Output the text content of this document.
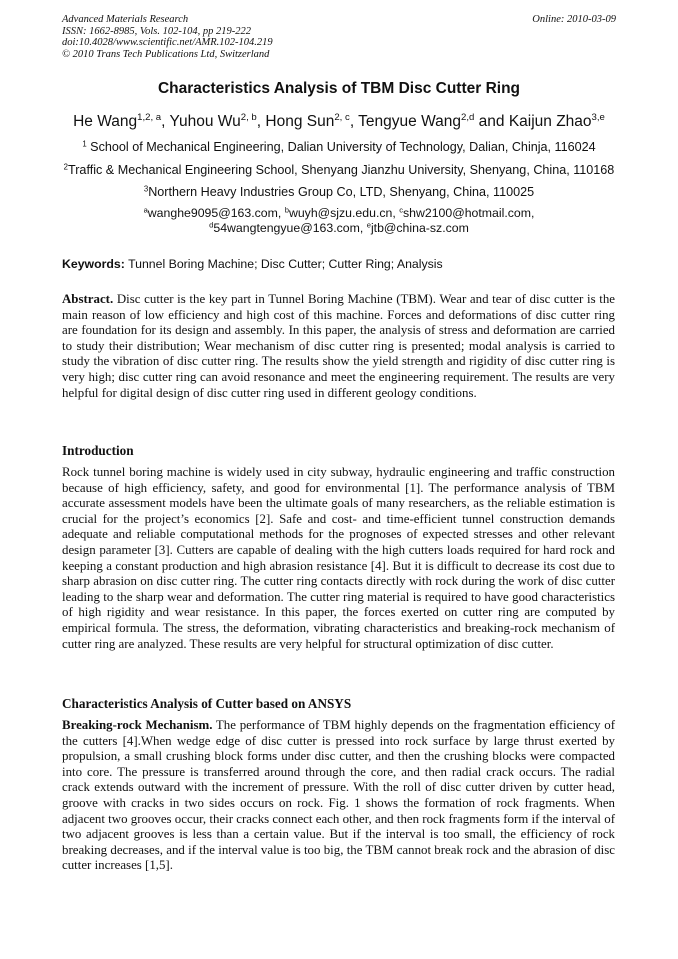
Advanced Materials Research
ISSN: 1662-8985, Vols. 102-104, pp 219-222
doi:10.4028/www.scientific.net/AMR.102-104.219
© 2010 Trans Tech Publications Ltd, Switzerland
Online: 2010-03-09
Characteristics Analysis of TBM Disc Cutter Ring
He Wang$^{1,2, a}$, Yuhou Wu$^{2, b}$, Hong Sun$^{2, c}$, Tengyue Wang$^{2,d}$ and Kaijun Zhao$^{3,e}$
$^1$ School of Mechanical Engineering, Dalian University of Technology, Dalian, Chinja, 116024
$^2$Traffic & Mechanical Engineering School, Shenyang Jianzhu University, Shenyang, China, 110168
$^3$Northern Heavy Industries Group Co, LTD, Shenyang, China, 110025
$^a$wanghe9095@163.com, $^b$wuyh@sjzu.edu.cn, $^c$shw2100@hotmail.com,
$^d$54wangtengyue@163.com, $^e$jtb@china-sz.com
Keywords: Tunnel Boring Machine; Disc Cutter; Cutter Ring; Analysis
Abstract. Disc cutter is the key part in Tunnel Boring Machine (TBM). Wear and tear of disc cutter is the main reason of low efficiency and high cost of this machine. Forces and deformations of disc cutter ring are foundation for its design and assembly. In this paper, the analysis of stress and deformation are carried to study their distribution; Wear mechanism of disc cutter ring is presented; modal analysis is carried to study the vibration of disc cutter ring. The results show the yield strength and rigidity of disc cutter ring is very high; disc cutter ring can avoid resonance and meet the engineering requirement. The results are very helpful for digital design of disc cutter ring used in different geology conditions.
Introduction
Rock tunnel boring machine is widely used in city subway, hydraulic engineering and traffic construction because of high efficiency, safety, and good for environmental [1]. The performance analysis of TBM accurate assessment models have been the ultimate goals of many researchers, as the reliable estimation is crucial for the project’s economics [2]. Safe and cost- and time-efficient tunnel construction demands adequate and reliable computational methods for the prognoses of expected stresses and other relevant design parameter [3]. Cutters are capable of dealing with the high cutters loads required for hard rock and keeping a constant production and high abrasion resistance [4]. But it is difficult to decrease its cost due to sharp abrasion on disc cutter ring. The cutter ring contacts directly with rock during the work of disc cutter leading to the sharp wear and deformation. The cutter ring material is required to have good characteristics of high rigidity and wear resistance. In this paper, the forces exerted on cutter ring are computed by empirical formula. The stress, the deformation, vibrating characteristics and breaking-rock mechanism of cutter ring are analyzed. These results are very helpful for structural optimization of disc cutter.
Characteristics Analysis of Cutter based on ANSYS
Breaking-rock Mechanism. The performance of TBM highly depends on the fragmentation efficiency of the cutters [4].When wedge edge of disc cutter is pressed into rock surface by large thrust exerted by propulsion, a small crushing block forms under disc cutter, and then the crushing blocks were compacted into core. The pressure is transferred around through the core, and then radial crack occurs. The radial crack extends outward with the increment of pressure. With the roll of disc cutter driven by cutter head, groove with cracks in two sides occurs on rock. Fig. 1 shows the formation of rock fragments. When adjacent two grooves occur, their cracks connect each other, and then rock fragments form if the interval of two adjacent grooves is less than a certain value. But if the interval is too small, the efficiency of rock breaking decreases, and if the interval value is too big, the TBM cannot break rock and the abrasion of disc cutter increases [1,5].
